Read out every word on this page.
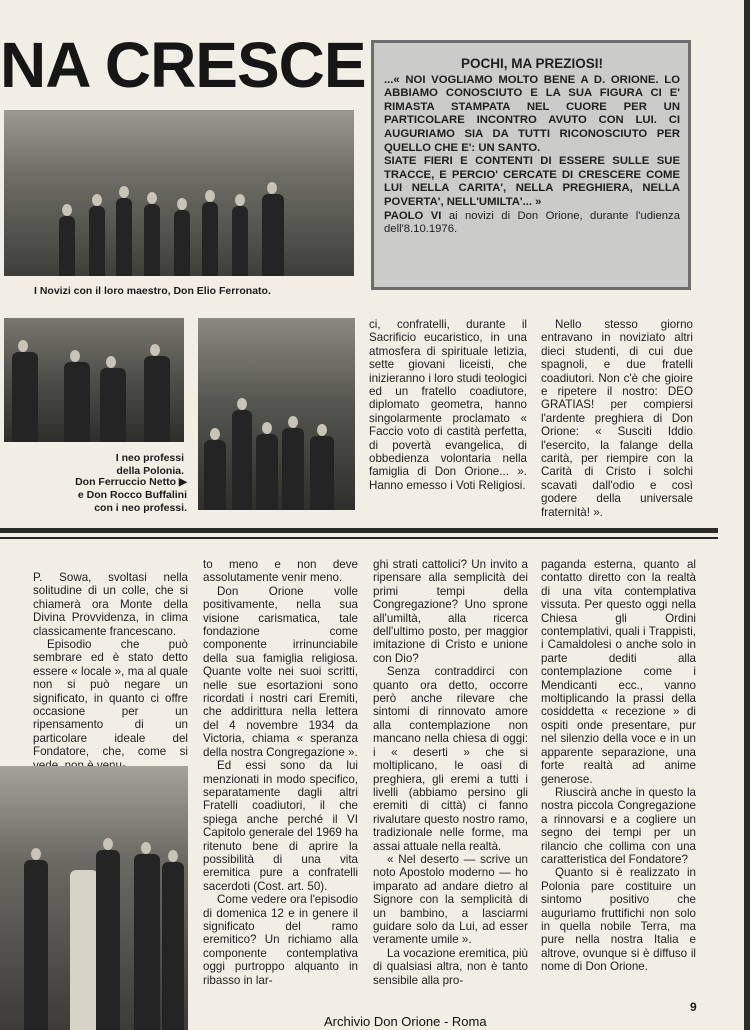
NA CRESCE	POCHI, MA PREZIOSI!

...« NOI VOGLIAMO MOLTO BENE A D. ORIONE. LO ABBIAMO CONOSCIUTO E LA SUA FIGURA CI E' RIMASTA STAMPATA NEL CUORE PER UN PARTICOLARE INCONTRO AVUTO CON LUI. CI AUGURIAMO SIA DA TUTTI RICONOSCIUTO PER QUELLO CHE E': UN SANTO.

SIATE FIERI E CONTENTI DI ESSERE SULLE SUE TRACCE, E PERCIO' CERCATE DI CRESCERE COME LUI NELLA CARITA', NELLA PREGHIERA, NELLA POVERTA', NELL'UMILTA'... »

PAOLO VI ai novizi di Don Orione, durante l'udienza dell'8.10.1976.

I Novizi con il loro maestro, Don Elio Ferronato.
I neo professi
della Polonia.
Don Ferruccio Netto ▶
e Don Rocco Buffalini
con i neo professi.

ci, confratelli, durante il Sacrificio eucaristico, in una atmosfera di spirituale letizia, sette giovani liceisti, che inizieranno i loro studi teologici ed un fratello coadiutore, diplomato geometra, hanno singolarmente proclamato « Faccio voto di castità perfetta, di povertà evangelica, di obbedienza volontaria nella famiglia di Don Orione... ». Hanno emesso i Voti Religiosi.

Nello stesso giorno entravano in noviziato altri dieci studenti, di cui due spagnoli, e due fratelli coadiutori. Non c'è che gioire e ripetere il nostro: DEO GRATIAS! per compiersi l'ardente preghiera di Don Orione: « Susciti Iddio l'esercito, la falange della carità, per riempire con la Carità di Cristo i solchi scavati dall'odio e così godere della universale fraternità! ».

P. Sowa, svoltasi nella solitudine di un colle, che si chiamerà ora Monte della Divina Provvidenza, in clima classicamente francescano.

Episodio che può sembrare ed è stato detto essere « locale », ma al quale non si può negare un significato, in quanto ci offre occasione per un ripensamento di un particolare ideale del Fondatore, che, come si

to meno e non deve assolutamente venir meno.

Don Orione volle positivamente, nella sua visione carismatica, tale fondazione come componente irrinunciabile della sua famiglia religiosa. Quante volte nei suoi scritti, nelle sue esortazioni sono ricordati i nostri cari Eremiti, che addirittura nella lettera del 4 novembre 1934 da Victoria, chiama « speranza della nostra Congregazione ».

Ed essi sono da lui menzionati in modo specifico, separatamente dagli altri Fratelli coadiutori, il che spiega anche perché il VI Capitolo generale del 1969 ha ritenuto bene di aprire la possibilità di una vita eremitica pure a confratelli sacerdoti (Cost. art. 50).

Come vedere ora l'episodio di domenica 12 e in genere il significato del ramo eremitico? Un richiamo alla componente contemplativa oggi purtroppo alquanto in ribasso in lar-

ghi strati cattolici? Un invito a ripensare alla semplicità dei primi tempi della Congregazione? Uno sprone all'umiltà, alla ricerca dell'ultimo posto, per maggior imitazione di Cristo e unione con Dio?

Senza contraddirci con quanto ora detto, occorre però anche rilevare che sintomi di rinnovato amore alla contemplazione non mancano nella chiesa di oggi: i « deserti » che si moltiplicano, le oasi di preghiera, gli eremi a tutti i livelli (abbiamo persino gli eremiti di città) ci fanno rivalutare questo nostro ramo, tradizionale nelle forme, ma assai attuale nella realtà.

« Nel deserto — scrive un noto Apostolo moderno — ho imparato ad andare dietro al Signore con la semplicità di un bambino, a lasciarmi guidare solo da Lui, ad esser veramente umile ».

La vocazione eremitica, più di qualsiasi altra, non è tanto sensibile alla pro-

paganda esterna, quanto al contatto diretto con la realtà di una vita contemplativa vissuta. Per questo oggi nella Chiesa gli Ordini contemplativi, quali i Trappisti, i Camaldolesi o anche solo in parte dediti alla contemplazione come i Mendicanti ecc., vanno moltiplicando la prassi della cosiddetta « recezione » di ospiti onde presentare, pur nel silenzio della voce e in un apparente separazione, una forte realtà ad anime generose.

Riuscirà anche in questo la nostra piccola Congregazione a rinnovarsi e a cogliere un segno dei tempi per un rilancio che collima con una caratteristica del Fondatore?

Quanto si è realizzato in Polonia pare costituire un sintomo positivo che auguriamo fruttifichi non solo in quella nobile Terra, ma pure nella nostra Italia e altrove, ovunque si è diffuso il nome di Don Orione.

9
Archivio Don Orione - Roma
